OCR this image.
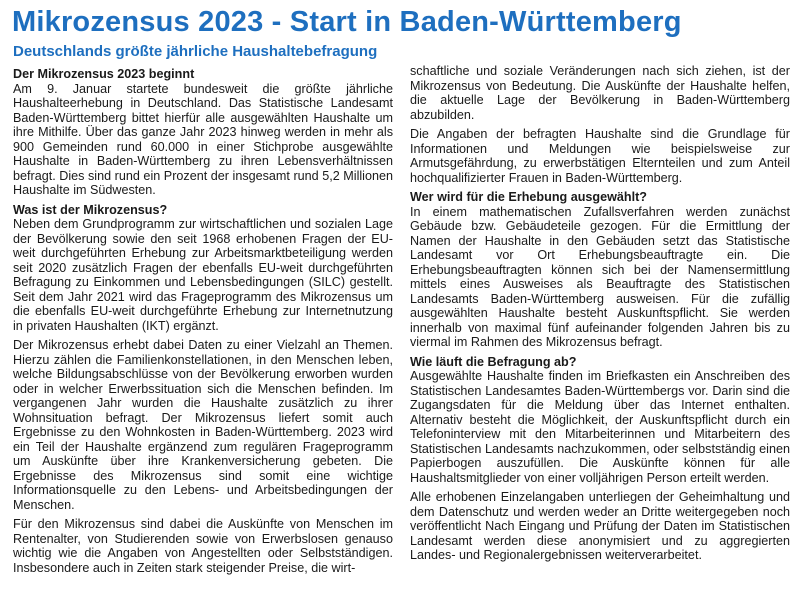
Mikrozensus 2023 - Start in Baden-Württemberg
Deutschlands größte jährliche Haushaltebefragung
Der Mikrozensus 2023 beginnt

Am 9. Januar startete bundesweit die größte jährliche Haushalteerhebung in Deutschland. Das Statistische Landesamt Baden-Württemberg bittet hierfür alle ausgewählten Haushalte um ihre Mithilfe. Über das ganze Jahr 2023 hinweg werden in mehr als 900 Gemeinden rund 60.000 in einer Stichprobe ausgewählte Haushalte in Baden-Württemberg zu ihren Lebensverhältnissen befragt. Dies sind rund ein Prozent der insgesamt rund 5,2 Millionen Haushalte im Südwesten.

Was ist der Mikrozensus?

Neben dem Grundprogramm zur wirtschaftlichen und sozialen Lage der Bevölkerung sowie den seit 1968 erhobenen Fragen der EU-weit durchgeführten Erhebung zur Arbeitsmarktbeteiligung werden seit 2020 zusätzlich Fragen der ebenfalls EU-weit durchgeführten Befragung zu Einkommen und Lebensbedingungen (SILC) gestellt. Seit dem Jahr 2021 wird das Frageprogramm des Mikrozensus um die ebenfalls EU-weit durchgeführte Erhebung zur Internetnutzung in privaten Haushalten (IKT) ergänzt.

Der Mikrozensus erhebt dabei Daten zu einer Vielzahl an Themen. Hierzu zählen die Familienkonstellationen, in den Menschen leben, welche Bildungsabschlüsse von der Bevölkerung erworben wurden oder in welcher Erwerbssituation sich die Menschen befinden. Im vergangenen Jahr wurden die Haushalte zusätzlich zu ihrer Wohnsituation befragt. Der Mikrozensus liefert somit auch Ergebnisse zu den Wohnkosten in Baden-Württemberg. 2023 wird ein Teil der Haushalte ergänzend zum regulären Frageprogramm um Auskünfte über ihre Krankenversicherung gebeten. Die Ergebnisse des Mikrozensus sind somit eine wichtige Informationsquelle zu den Lebens- und Arbeitsbedingungen der Menschen.

Für den Mikrozensus sind dabei die Auskünfte von Menschen im Rentenalter, von Studierenden sowie von Erwerbslosen genauso wichtig wie die Angaben von Angestellten oder Selbstständigen. Insbesondere auch in Zeiten stark steigender Preise, die wirt-

schaftliche und soziale Veränderungen nach sich ziehen, ist der Mikrozensus von Bedeutung. Die Auskünfte der Haushalte helfen, die aktuelle Lage der Bevölkerung in Baden-Württemberg abzubilden.

Die Angaben der befragten Haushalte sind die Grundlage für Informationen und Meldungen wie beispielsweise zur Armutsgefährdung, zu erwerbstätigen Elternteilen und zum Anteil hochqualifizierter Frauen in Baden-Württemberg.

Wer wird für die Erhebung ausgewählt?

In einem mathematischen Zufallsverfahren werden zunächst Gebäude bzw. Gebäudeteile gezogen. Für die Ermittlung der Namen der Haushalte in den Gebäuden setzt das Statistische Landesamt vor Ort Erhebungsbeauftragte ein. Die Erhebungsbeauftragten können sich bei der Namensermittlung mittels eines Ausweises als Beauftragte des Statistischen Landesamts Baden-Württemberg ausweisen. Für die zufällig ausgewählten Haushalte besteht Auskunftspflicht. Sie werden innerhalb von maximal fünf aufeinander folgenden Jahren bis zu viermal im Rahmen des Mikrozensus befragt.

Wie läuft die Befragung ab?

Ausgewählte Haushalte finden im Briefkasten ein Anschreiben des Statistischen Landesamtes Baden-Württembergs vor. Darin sind die Zugangsdaten für die Meldung über das Internet enthalten. Alternativ besteht die Möglichkeit, der Auskunftspflicht durch ein Telefoninterview mit den Mitarbeiterinnen und Mitarbeitern des Statistischen Landesamts nachzukommen, oder selbstständig einen Papierbogen auszufüllen. Die Auskünfte können für alle Haushaltsmitglieder von einer volljährigen Person erteilt werden.

Alle erhobenen Einzelangaben unterliegen der Geheimhaltung und dem Datenschutz und werden weder an Dritte weitergegeben noch veröffentlicht Nach Eingang und Prüfung der Daten im Statistischen Landesamt werden diese anonymisiert und zu aggregierten Landes- und Regionalergebnissen weiterverarbeitet.
